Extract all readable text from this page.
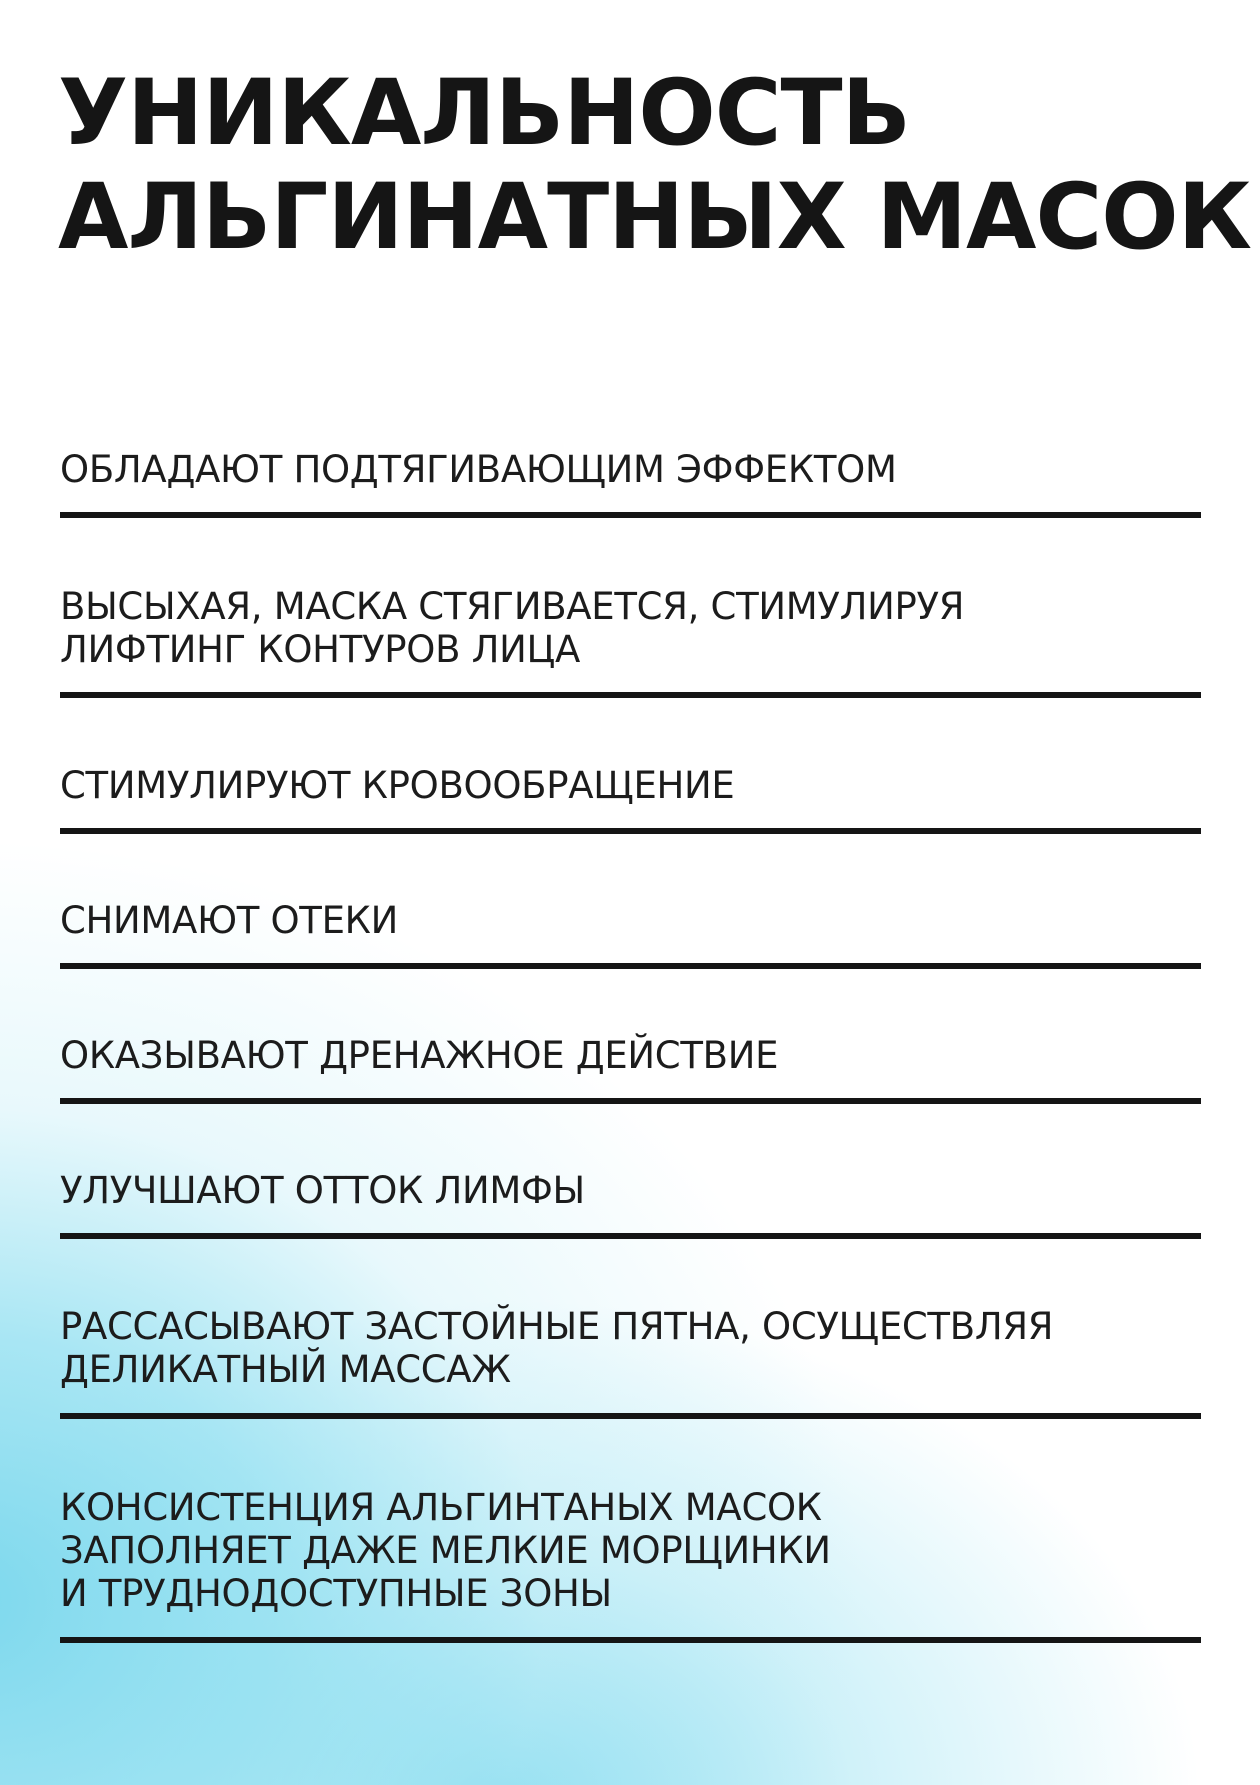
УНИКАЛЬНОСТЬ
АЛЬГИНАТНЫХ МАСОК
ОБЛАДАЮТ ПОДТЯГИВАЮЩИМ ЭФФЕКТОМ
ВЫСЫХАЯ, МАСКА СТЯГИВАЕТСЯ, СТИМУЛИРУЯ
ЛИФТИНГ КОНТУРОВ ЛИЦА
СТИМУЛИРУЮТ КРОВООБРАЩЕНИЕ
СНИМАЮТ ОТЕКИ
ОКАЗЫВАЮТ ДРЕНАЖНОЕ ДЕЙСТВИЕ
УЛУЧШАЮТ ОТТОК ЛИМФЫ
РАССАСЫВАЮТ ЗАСТОЙНЫЕ ПЯТНА, ОСУЩЕСТВЛЯЯ
ДЕЛИКАТНЫЙ МАССАЖ
КОНСИСТЕНЦИЯ АЛЬГИНТАНЫХ МАСОК
ЗАПОЛНЯЕТ ДАЖЕ МЕЛКИЕ МОРЩИНКИ
И ТРУДНОДОСТУПНЫЕ ЗОНЫ
